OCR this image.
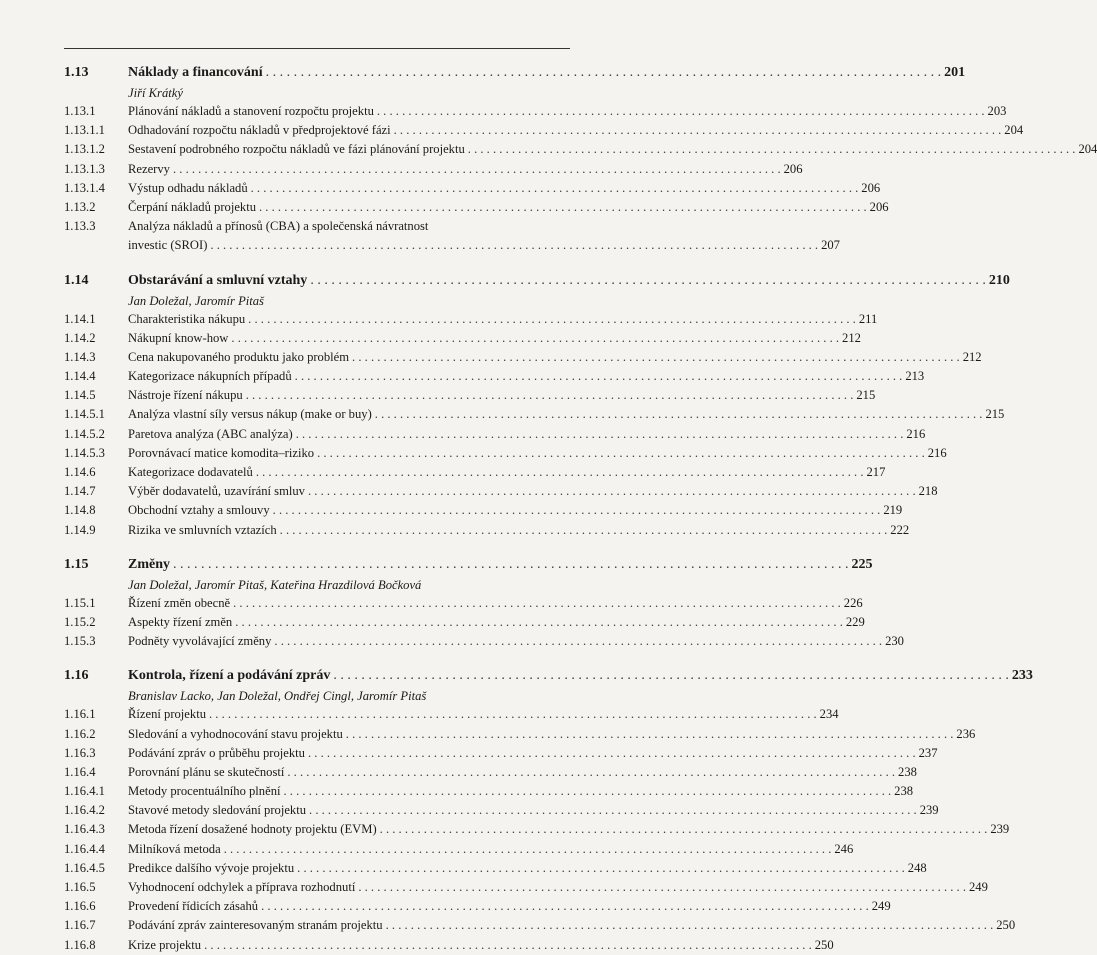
1.13	Náklady a financování . . .	201
Jiří Krátký
1.13.1	Plánování nákladů a stanovení rozpočtu projektu . . .	203
1.13.1.1	Odhadování rozpočtu nákladů v předprojektové fázi . . .	204
1.13.1.2	Sestavení podrobného rozpočtu nákladů ve fázi plánování projektu . . .	204
1.13.1.3	Rezervy . . .	206
1.13.1.4	Výstup odhadu nákladů . . .	206
1.13.2	Čerpání nákladů projektu . . .	206
1.13.3	Analýza nákladů a přínosů (CBA) a společenská návratnost
investic (SROI) . . .	207
1.14	Obstarávání a smluvní vztahy . . .	210
Jan Doležal, Jaromír Pitaš
1.14.1	Charakteristika nákupu . . .	211
1.14.2	Nákupní know-how . . .	212
1.14.3	Cena nakupovaného produktu jako problém . . .	212
1.14.4	Kategorizace nákupních případů . . .	213
1.14.5	Nástroje řízení nákupu . . .	215
1.14.5.1	Analýza vlastní síly versus nákup (make or buy) . . .	215
1.14.5.2	Paretova analýza (ABC analýza) . . .	216
1.14.5.3	Porovnávací matice komodita–riziko . . .	216
1.14.6	Kategorizace dodavatelů . . .	217
1.14.7	Výběr dodavatelů, uzavírání smluv . . .	218
1.14.8	Obchodní vztahy a smlouvy . . .	219
1.14.9	Rizika ve smluvních vztazích . . .	222
1.15	Změny . . .	225
Jan Doležal, Jaromír Pitaš, Kateřina Hrazdilová Bočková
1.15.1	Řízení změn obecně . . .	226
1.15.2	Aspekty řízení změn . . .	229
1.15.3	Podněty vyvolávající změny . . .	230
1.16	Kontrola, řízení a podávání zpráv . . .	233
Branislav Lacko, Jan Doležal, Ondřej Cingl, Jaromír Pitaš
1.16.1	Řízení projektu . . .	234
1.16.2	Sledování a vyhodnocování stavu projektu . . .	236
1.16.3	Podávání zpráv o průběhu projektu . . .	237
1.16.4	Porovnání plánu se skutečností . . .	238
1.16.4.1	Metody procentuálního plnění . . .	238
1.16.4.2	Stavové metody sledování projektu . . .	239
1.16.4.3	Metoda řízení dosažené hodnoty projektu (EVM) . . .	239
1.16.4.4	Milníková metoda . . .	246
1.16.4.5	Predikce dalšího vývoje projektu . . .	248
1.16.5	Vyhodnocení odchylek a příprava rozhodnutí . . .	249
1.16.6	Provedení řídicích zásahů . . .	249
1.16.7	Podávání zpráv zainteresovaným stranám projektu . . .	250
1.16.8	Krize projektu . . .	250
